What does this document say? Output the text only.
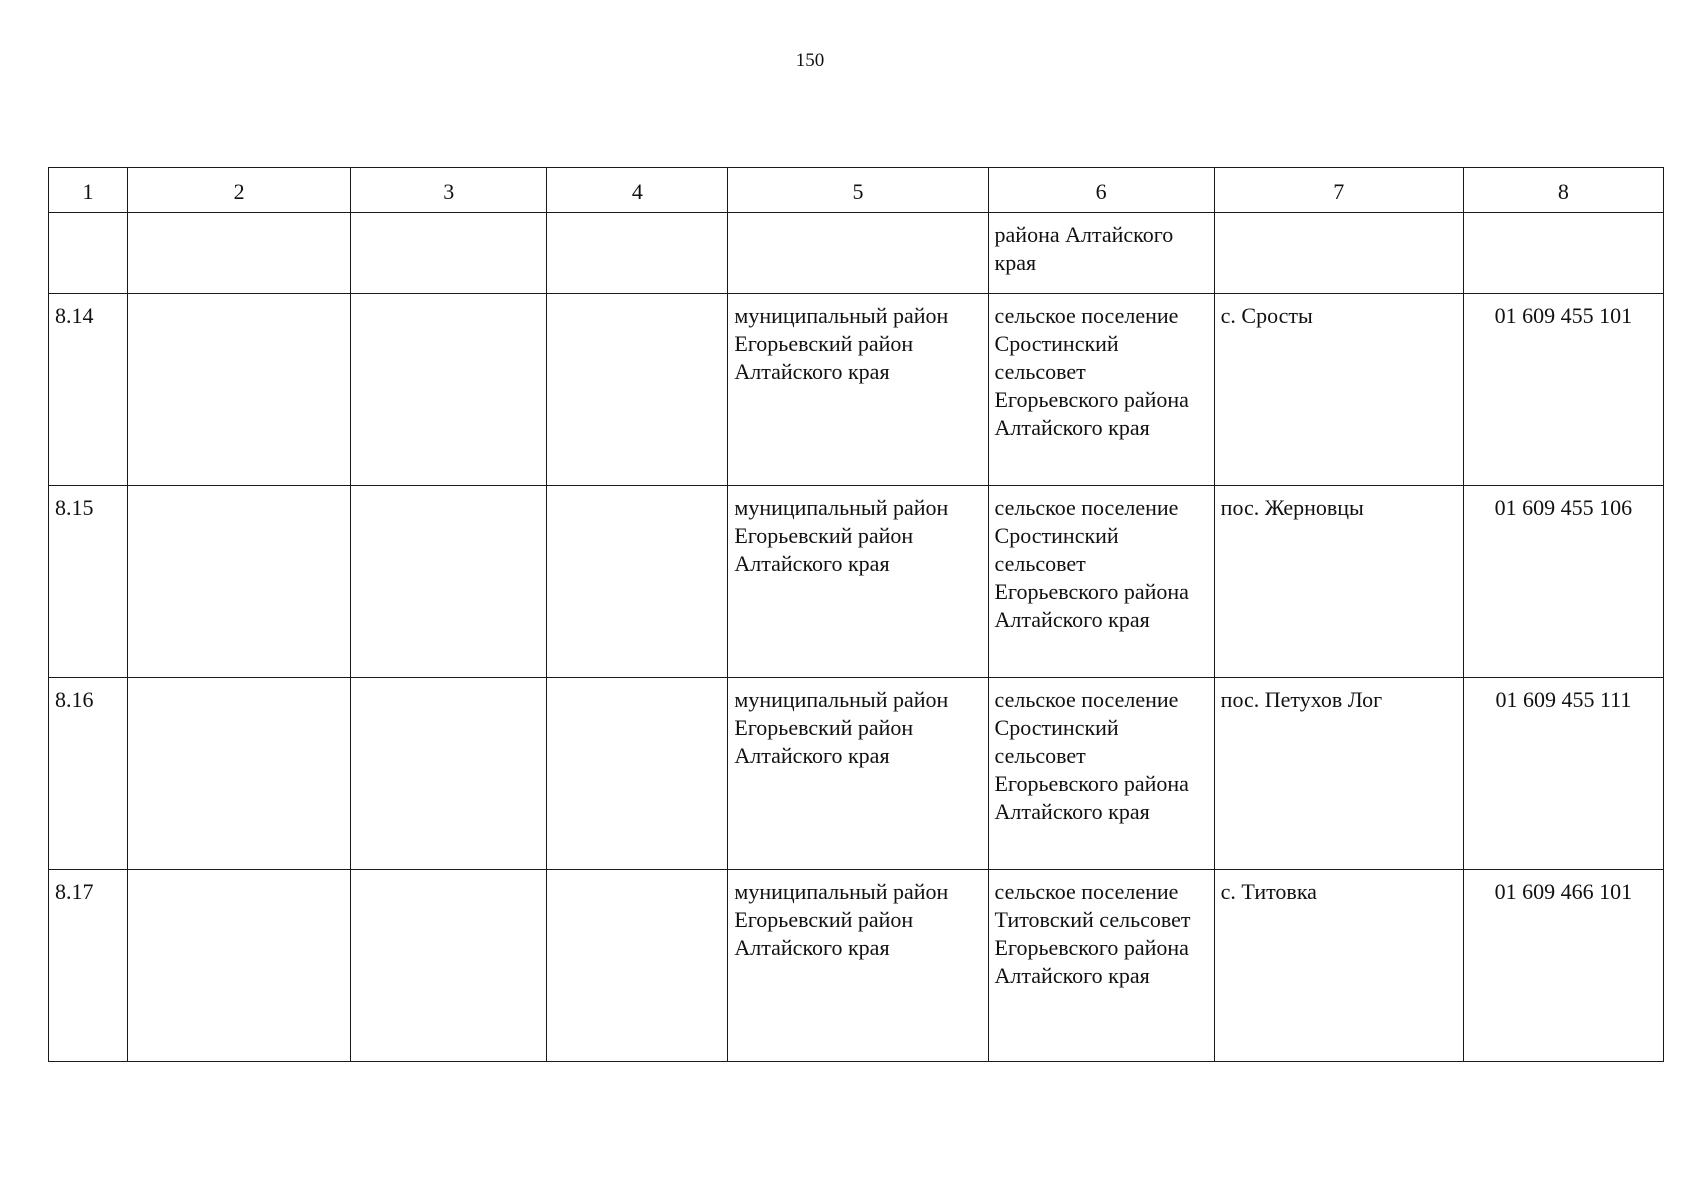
150
1	2	3	4	5	6	7	8
					района Алтайского края		
8.14				муниципальный район Егорьевский район Алтайского края	сельское поселение Сростинский сельсовет Егорьевского района Алтайского края	с. Сросты	01 609 455 101
8.15				муниципальный район Егорьевский район Алтайского края	сельское поселение Сростинский сельсовет Егорьевского района Алтайского края	пос. Жерновцы	01 609 455 106
8.16				муниципальный район Егорьевский район Алтайского края	сельское поселение Сростинский сельсовет Егорьевского района Алтайского края	пос. Петухов Лог	01 609 455 111
8.17				муниципальный район Егорьевский район Алтайского края	сельское поселение Титовский сельсовет Егорьевского района Алтайского края	с. Титовка	01 609 466 101
